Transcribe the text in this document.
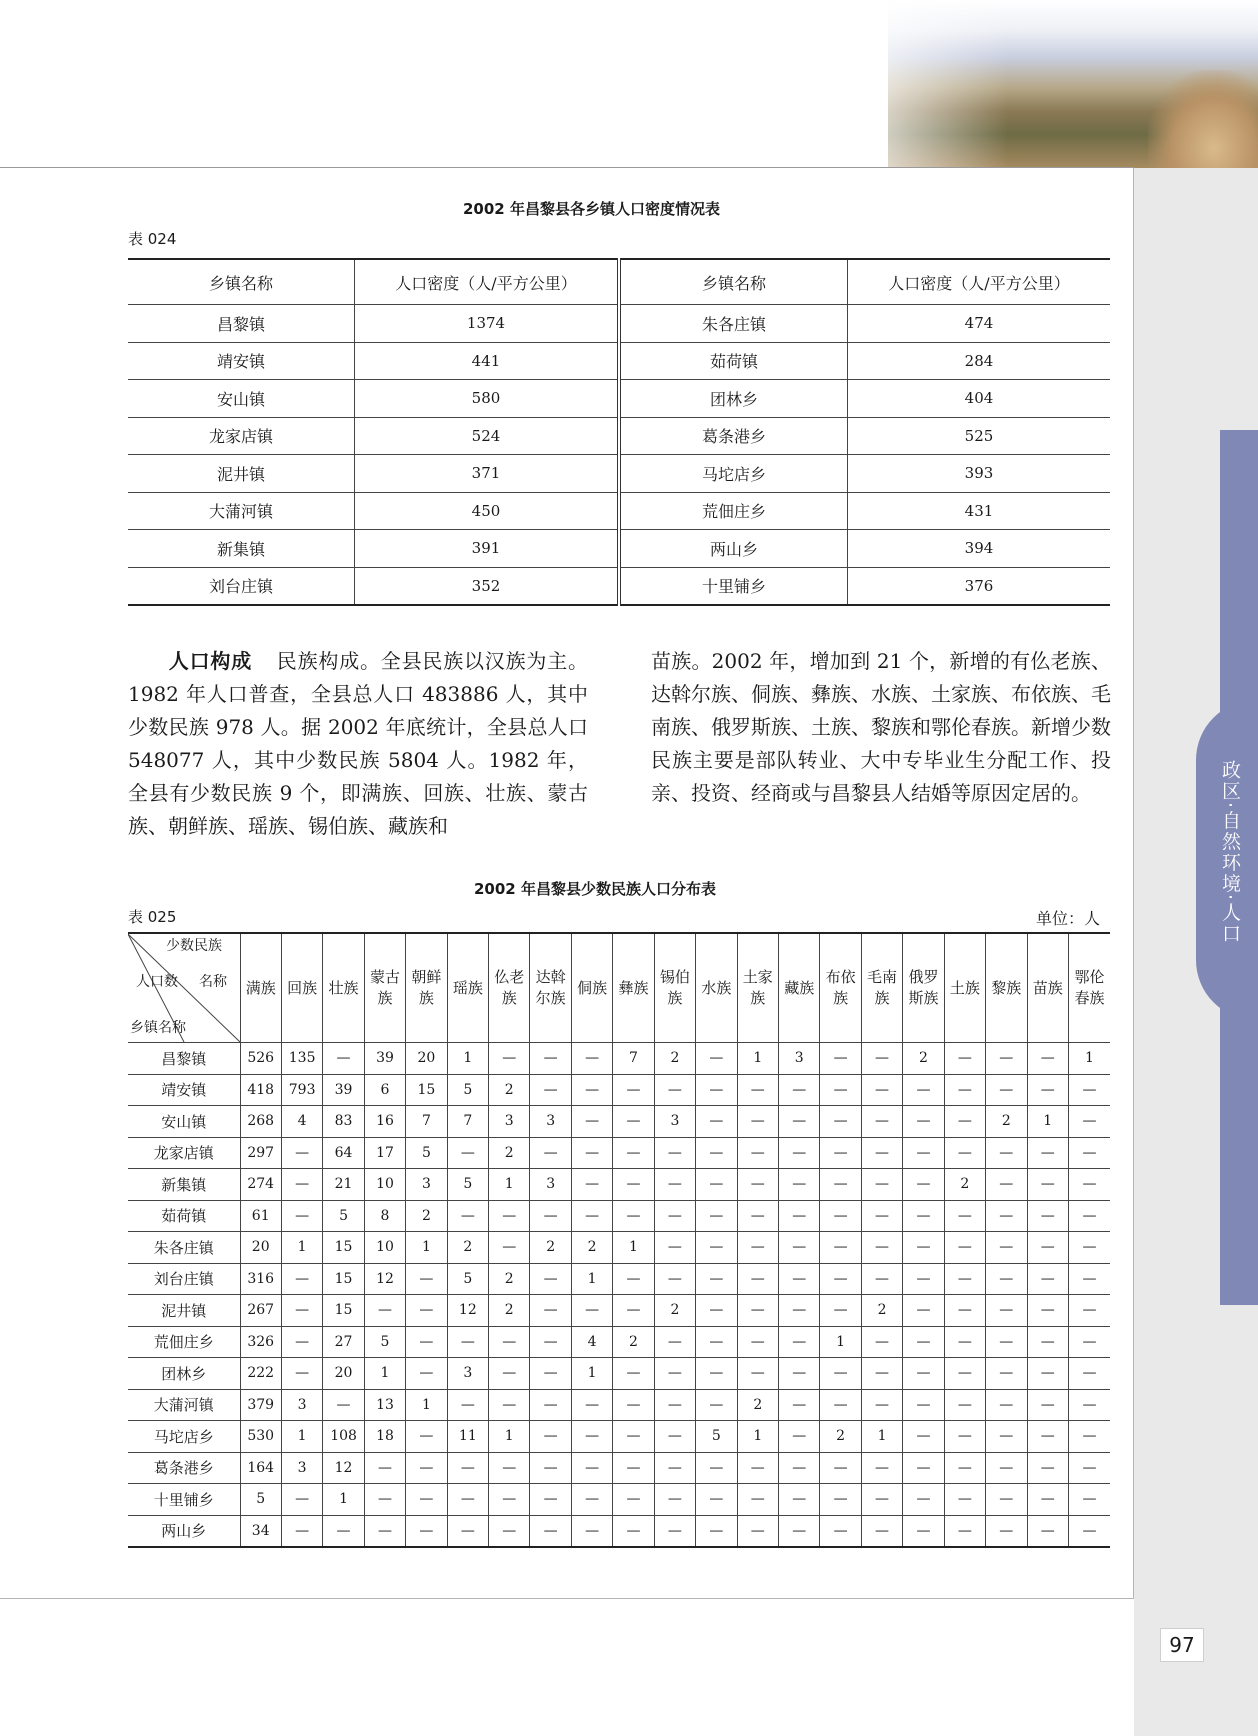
政区·自然环境·人口
2002 年昌黎县各乡镇人口密度情况表
表 024
乡镇名称	人口密度（人/平方公里）	乡镇名称	人口密度（人/平方公里）
昌黎镇	1374	朱各庄镇	474
靖安镇	441	茹荷镇	284
安山镇	580	团林乡	404
龙家店镇	524	葛条港乡	525
泥井镇	371	马坨店乡	393
大蒲河镇	450	荒佃庄乡	431
新集镇	391	两山乡	394
刘台庄镇	352	十里铺乡	376
人口构成 民族构成。全县民族以汉族为主。1982 年人口普查，全县总人口 483886 人，其中少数民族 978 人。据 2002 年底统计，全县总人口 548077 人，其中少数民族 5804 人。1982 年，全县有少数民族 9 个，即满族、回族、壮族、蒙古族、朝鲜族、瑶族、锡伯族、藏族和
苗族。2002 年，增加到 21 个，新增的有仫老族、达斡尔族、侗族、彝族、水族、土家族、布依族、毛南族、俄罗斯族、土族、黎族和鄂伦春族。新增少数民族主要是部队转业、大中专毕业生分配工作、投亲、投资、经商或与昌黎县人结婚等原因定居的。
2002 年昌黎县少数民族人口分布表
表 025	单位：人
少数民族
人口数 名称
乡镇名称	满族	回族	壮族	蒙古族	朝鲜族	瑶族	仫老族	达斡尔族	侗族	彝族	锡伯族	水族	土家族	藏族	布依族	毛南族	俄罗斯族	土族	黎族	苗族	鄂伦春族
昌黎镇	526	135	—	39	20	1	—	—	—	7	2	—	1	3	—	—	2	—	—	—	1
靖安镇	418	793	39	6	15	5	2	—	—	—	—	—	—	—	—	—	—	—	—	—	—
安山镇	268	4	83	16	7	7	3	3	—	—	3	—	—	—	—	—	—	—	2	1	—
龙家店镇	297	—	64	17	5	—	2	—	—	—	—	—	—	—	—	—	—	—	—	—	—
新集镇	274	—	21	10	3	5	1	3	—	—	—	—	—	—	—	—	—	2	—	—	—
茹荷镇	61	—	5	8	2	—	—	—	—	—	—	—	—	—	—	—	—	—	—	—	—
朱各庄镇	20	1	15	10	1	2	—	2	2	1	—	—	—	—	—	—	—	—	—	—	—
刘台庄镇	316	—	15	12	—	5	2	—	1	—	—	—	—	—	—	—	—	—	—	—	—
泥井镇	267	—	15	—	—	12	2	—	—	—	2	—	—	—	—	2	—	—	—	—	—
荒佃庄乡	326	—	27	5	—	—	—	—	4	2	—	—	—	—	1	—	—	—	—	—	—
团林乡	222	—	20	1	—	3	—	—	1	—	—	—	—	—	—	—	—	—	—	—	—
大蒲河镇	379	3	—	13	1	—	—	—	—	—	—	—	2	—	—	—	—	—	—	—	—
马坨店乡	530	1	108	18	—	11	1	—	—	—	—	5	1	—	2	1	—	—	—	—	—
葛条港乡	164	3	12	—	—	—	—	—	—	—	—	—	—	—	—	—	—	—	—	—	—
十里铺乡	5	—	1	—	—	—	—	—	—	—	—	—	—	—	—	—	—	—	—	—	—
两山乡	34	—	—	—	—	—	—	—	—	—	—	—	—	—	—	—	—	—	—	—	—
97
